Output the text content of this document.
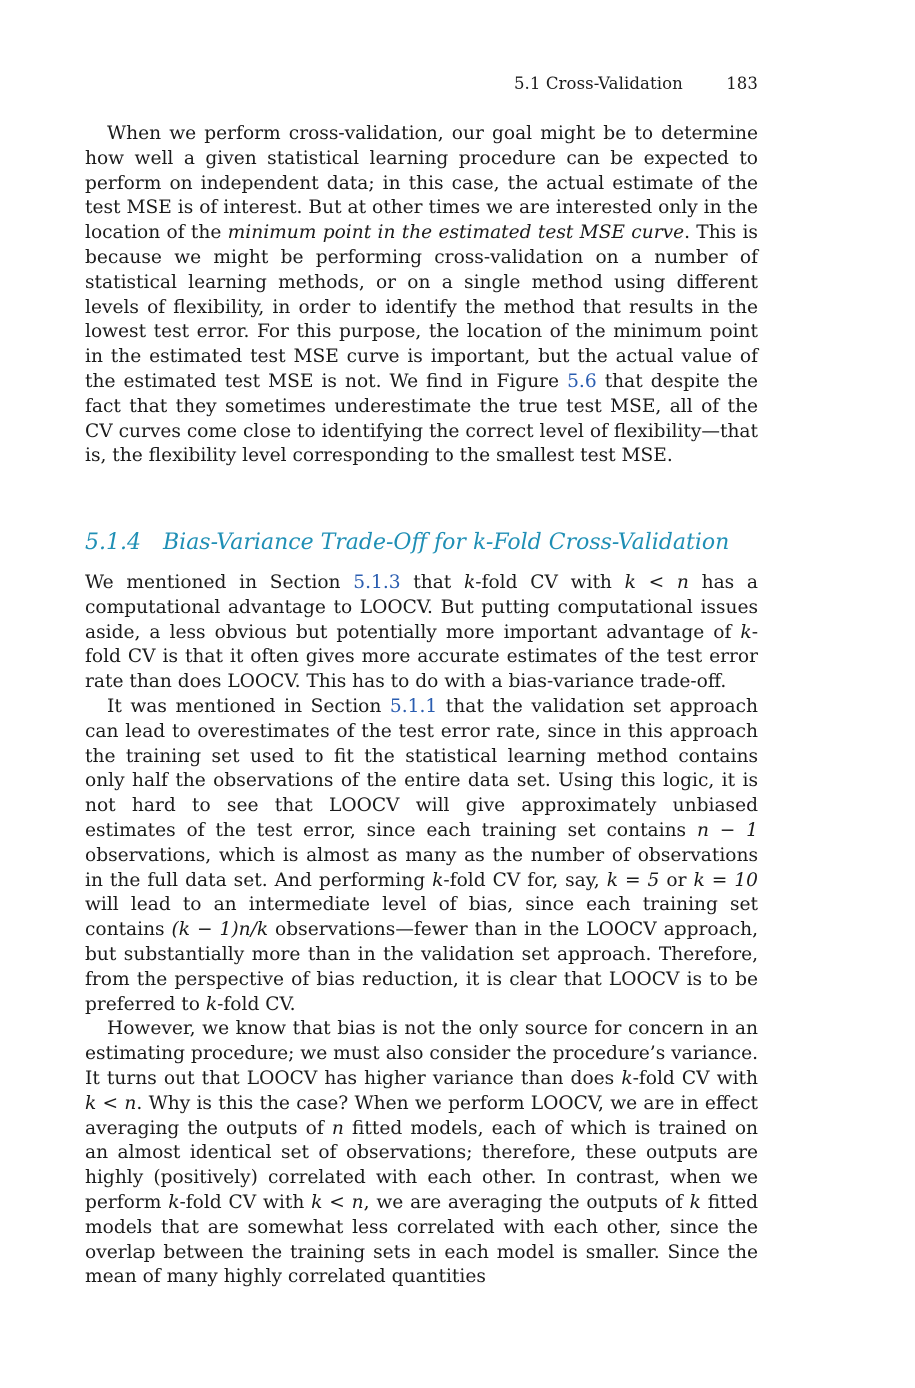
5.1 Cross-Validation	183

When we perform cross-validation, our goal might be to determine how well a given statistical learning procedure can be expected to perform on independent data; in this case, the actual estimate of the test MSE is of interest. But at other times we are interested only in the location of the minimum point in the estimated test MSE curve. This is because we might be performing cross-validation on a number of statistical learning methods, or on a single method using different levels of flexibility, in order to identify the method that results in the lowest test error. For this purpose, the location of the minimum point in the estimated test MSE curve is important, but the actual value of the estimated test MSE is not. We find in Figure 5.6 that despite the fact that they sometimes underestimate the true test MSE, all of the CV curves come close to identifying the correct level of flexibility—that is, the flexibility level corresponding to the smallest test MSE.

5.1.4 Bias-Variance Trade-Off for k-Fold Cross-Validation

We mentioned in Section 5.1.3 that k-fold CV with k < n has a computational advantage to LOOCV. But putting computational issues aside, a less obvious but potentially more important advantage of k-fold CV is that it often gives more accurate estimates of the test error rate than does LOOCV. This has to do with a bias-variance trade-off.

It was mentioned in Section 5.1.1 that the validation set approach can lead to overestimates of the test error rate, since in this approach the training set used to fit the statistical learning method contains only half the observations of the entire data set. Using this logic, it is not hard to see that LOOCV will give approximately unbiased estimates of the test error, since each training set contains n − 1 observations, which is almost as many as the number of observations in the full data set. And performing k-fold CV for, say, k = 5 or k = 10 will lead to an intermediate level of bias, since each training set contains (k − 1)n/k observations—fewer than in the LOOCV approach, but substantially more than in the validation set approach. Therefore, from the perspective of bias reduction, it is clear that LOOCV is to be preferred to k-fold CV.

However, we know that bias is not the only source for concern in an estimating procedure; we must also consider the procedure’s variance. It turns out that LOOCV has higher variance than does k-fold CV with k < n. Why is this the case? When we perform LOOCV, we are in effect averaging the outputs of n fitted models, each of which is trained on an almost identical set of observations; therefore, these outputs are highly (positively) correlated with each other. In contrast, when we perform k-fold CV with k < n, we are averaging the outputs of k fitted models that are somewhat less correlated with each other, since the overlap between the training sets in each model is smaller. Since the mean of many highly correlated quantities
